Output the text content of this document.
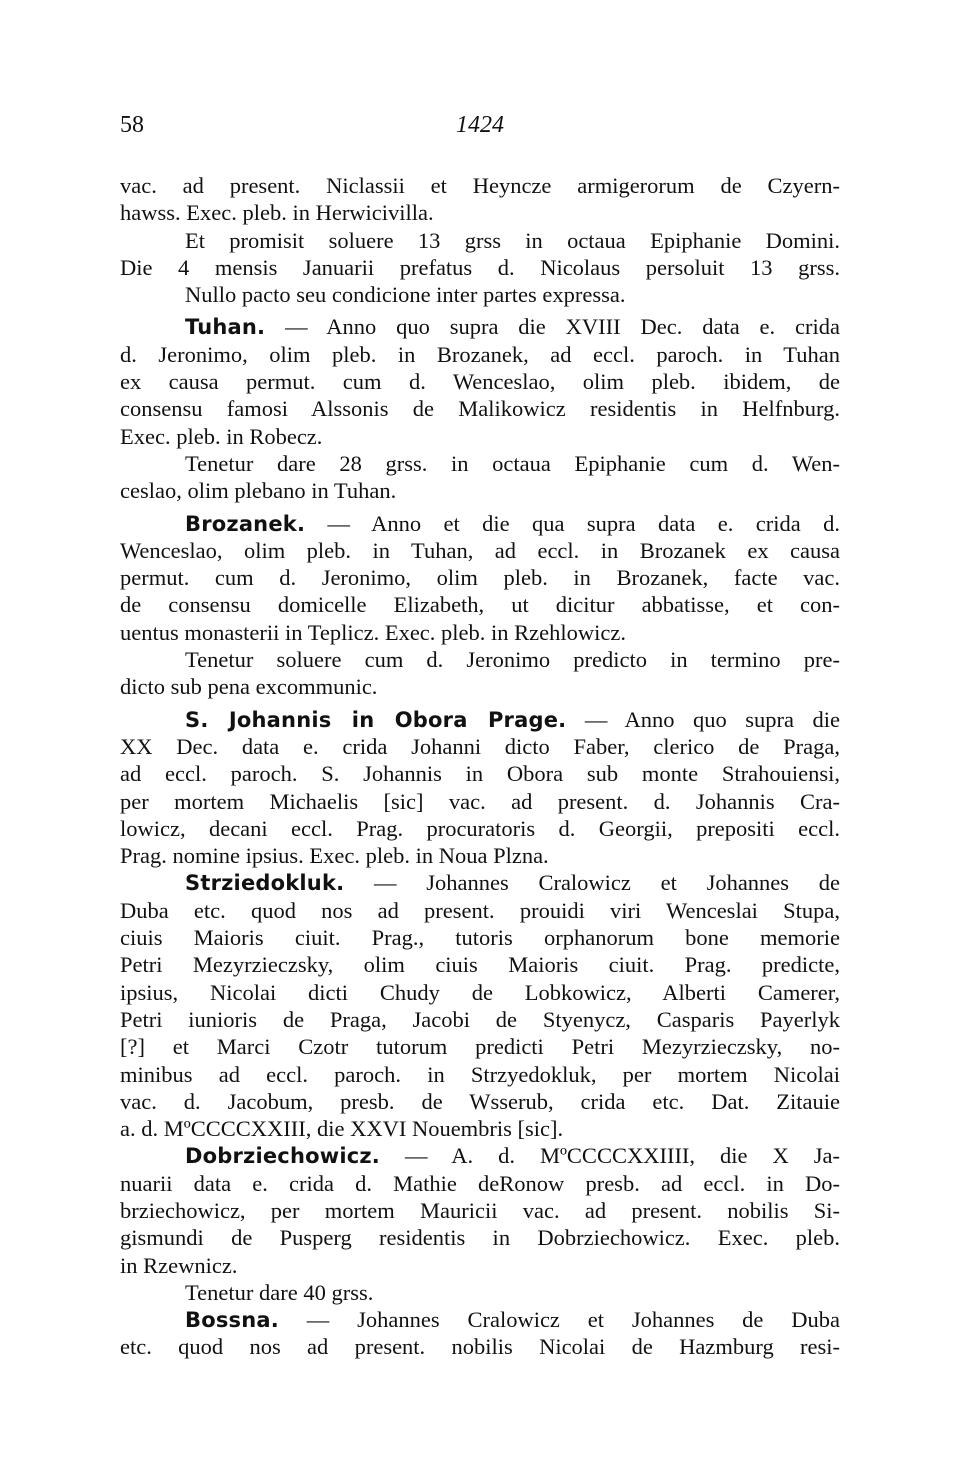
58	1424
vac. ad present. Niclassii et Heyncze armigerorum de Czyern-
hawss. Exec. pleb. in Herwicivilla.
Et promisit soluere 13 grss in octaua Epiphanie Domini.
Die 4 mensis Januarii prefatus d. Nicolaus persoluit 13 grss.
Nullo pacto seu condicione inter partes expressa.
Tuhan. — Anno quo supra die XVIII Dec. data e. crida
d. Jeronimo, olim pleb. in Brozanek, ad eccl. paroch. in Tuhan
ex causa permut. cum d. Wenceslao, olim pleb. ibidem, de
consensu famosi Alssonis de Malikowicz residentis in Helfnburg.
Exec. pleb. in Robecz.
Tenetur dare 28 grss. in octaua Epiphanie cum d. Wen-
ceslao, olim plebano in Tuhan.
Brozanek. — Anno et die qua supra data e. crida d.
Wenceslao, olim pleb. in Tuhan, ad eccl. in Brozanek ex causa
permut. cum d. Jeronimo, olim pleb. in Brozanek, facte vac.
de consensu domicelle Elizabeth, ut dicitur abbatisse, et con-
uentus monasterii in Teplicz. Exec. pleb. in Rzehlowicz.
Tenetur soluere cum d. Jeronimo predicto in termino pre-
dicto sub pena excommunic.
S. Johannis in Obora Prage. — Anno quo supra die
XX Dec. data e. crida Johanni dicto Faber, clerico de Praga,
ad eccl. paroch. S. Johannis in Obora sub monte Strahouiensi,
per mortem Michaelis [sic] vac. ad present. d. Johannis Cra-
lowicz, decani eccl. Prag. procuratoris d. Georgii, prepositi eccl.
Prag. nomine ipsius. Exec. pleb. in Noua Plzna.
Strziedokluk. — Johannes Cralowicz et Johannes de
Duba etc. quod nos ad present. prouidi viri Wenceslai Stupa,
ciuis Maioris ciuit. Prag., tutoris orphanorum bone memorie
Petri Mezyrzieczsky, olim ciuis Maioris ciuit. Prag. predicte,
ipsius, Nicolai dicti Chudy de Lobkowicz, Alberti Camerer,
Petri iunioris de Praga, Jacobi de Styenycz, Casparis Payerlyk
[?] et Marci Czotr tutorum predicti Petri Mezyrzieczsky, no-
minibus ad eccl. paroch. in Strzyedokluk, per mortem Nicolai
vac. d. Jacobum, presb. de Wsserub, crida etc. Dat. Zitauie
a. d. MºCCCCXXIII, die XXVI Nouembris [sic].
Dobrziechowicz. — A. d. MºCCCCXXIIII, die X Ja-
nuarii data e. crida d. Mathie deRonow presb. ad eccl. in Do-
brziechowicz, per mortem Mauricii vac. ad present. nobilis Si-
gismundi de Pusperg residentis in Dobrziechowicz. Exec. pleb.
in Rzewnicz.
Tenetur dare 40 grss.
Bossna. — Johannes Cralowicz et Johannes de Duba
etc. quod nos ad present. nobilis Nicolai de Hazmburg resi-
